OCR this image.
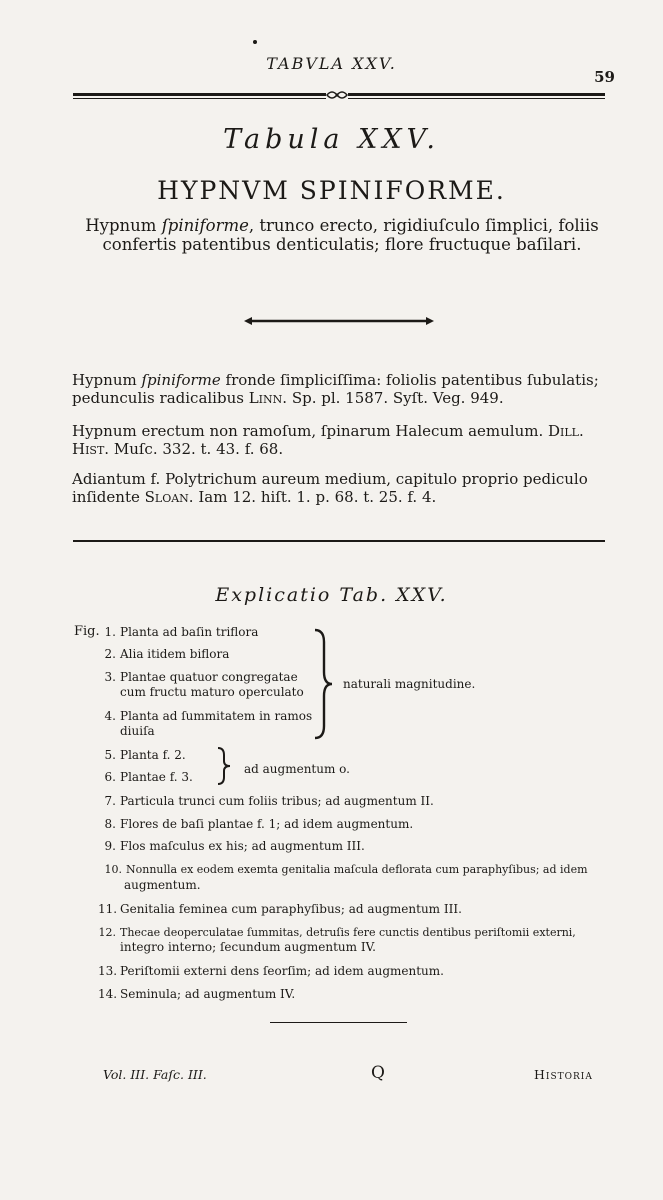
TABVLA XXV.
59
Tabula XXV.
HYPNVM SPINIFORME.
Hypnum ſpiniforme, trunco erecto, rigidiuſculo ſimplici, foliis confertis patentibus denticulatis; flore fructuque baſilari.
Hypnum ſpiniforme fronde ſimpliciſſima: foliolis patentibus ſubulatis; pedunculis radicalibus Linn. Sp. pl. 1587. Syſt. Veg. 949.
Hypnum erectum non ramoſum, ſpinarum Halecum aemulum. Dill. Hiſt. Muſc. 332. t. 43. f. 68.
Adiantum f. Polytrichum aureum medium, capitulo proprio pediculo inſidente Sloan. Iam 12. hiſt. 1. p. 68. t. 25. f. 4.
Explicatio Tab. XXV.
Fig. 1. Planta ad baſin triflora
2. Alia itidem biflora
3. Plantae quatuor congregatae
cum fructu maturo operculato
4. Planta ad ſummitatem in ramos
diuiſa
naturali magnitudine.
5. Planta f. 2.
6. Plantae f. 3.
ad augmentum o.
7. Particula trunci cum foliis tribus; ad augmentum II.
8. Flores de baſi plantae f. 1; ad idem augmentum.
9. Flos maſculus ex his; ad augmentum III.
10. Nonnulla ex eodem exemta genitalia maſcula deflorata cum paraphyſibus; ad idem
augmentum.
11. Genitalia feminea cum paraphyſibus; ad augmentum III.
12. Thecae deoperculatae ſummitas, detruſis fere cunctis dentibus periſtomii externi,
integro interno; ſecundum augmentum IV.
13. Periſtomii externi dens ſeorſim; ad idem augmentum.
14. Seminula; ad augmentum IV.
Vol. III. Faſc. III.	Q	Historia
